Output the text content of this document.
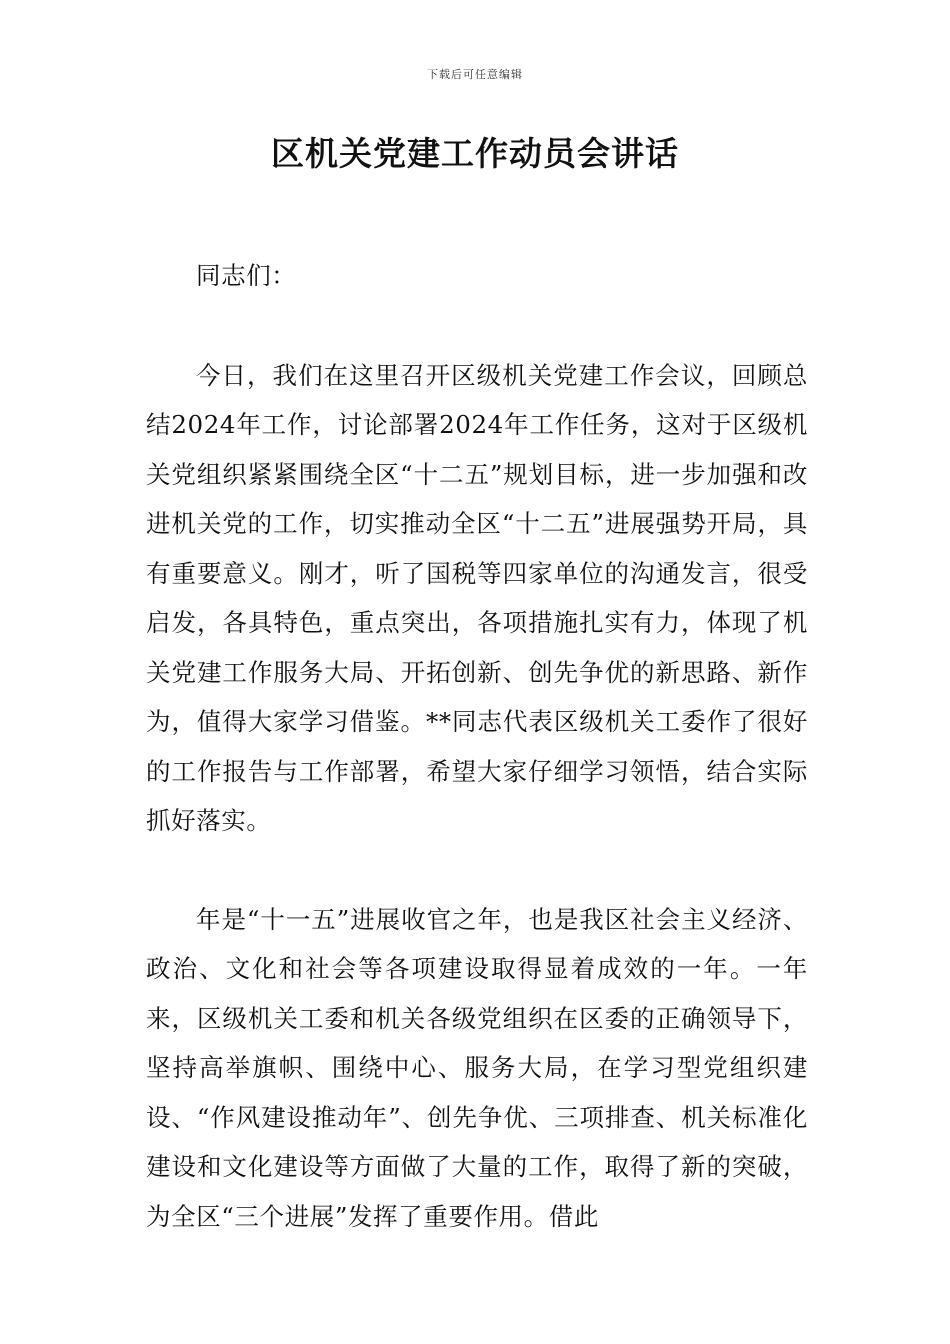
下载后可任意编辑
区机关党建工作动员会讲话

同志们：

今日，我们在这里召开区级机关党建工作会议，回顾总结2024年工作，讨论部署2024年工作任务，这对于区级机关党组织紧紧围绕全区“十二五”规划目标，进一步加强和改进机关党的工作，切实推动全区“十二五”进展强势开局，具有重要意义。刚才，听了国税等四家单位的沟通发言，很受启发，各具特色，重点突出，各项措施扎实有力，体现了机关党建工作服务大局、开拓创新、创先争优的新思路、新作为，值得大家学习借鉴。**同志代表区级机关工委作了很好的工作报告与工作部署，希望大家仔细学习领悟，结合实际抓好落实。

年是“十一五”进展收官之年，也是我区社会主义经济、政治、文化和社会等各项建设取得显着成效的一年。一年来，区级机关工委和机关各级党组织在区委的正确领导下，坚持高举旗帜、围绕中心、服务大局，在学习型党组织建设、“作风建设推动年”、创先争优、三项排查、机关标准化建设和文化建设等方面做了大量的工作，取得了新的突破，为全区“三个进展”发挥了重要作用。借此
